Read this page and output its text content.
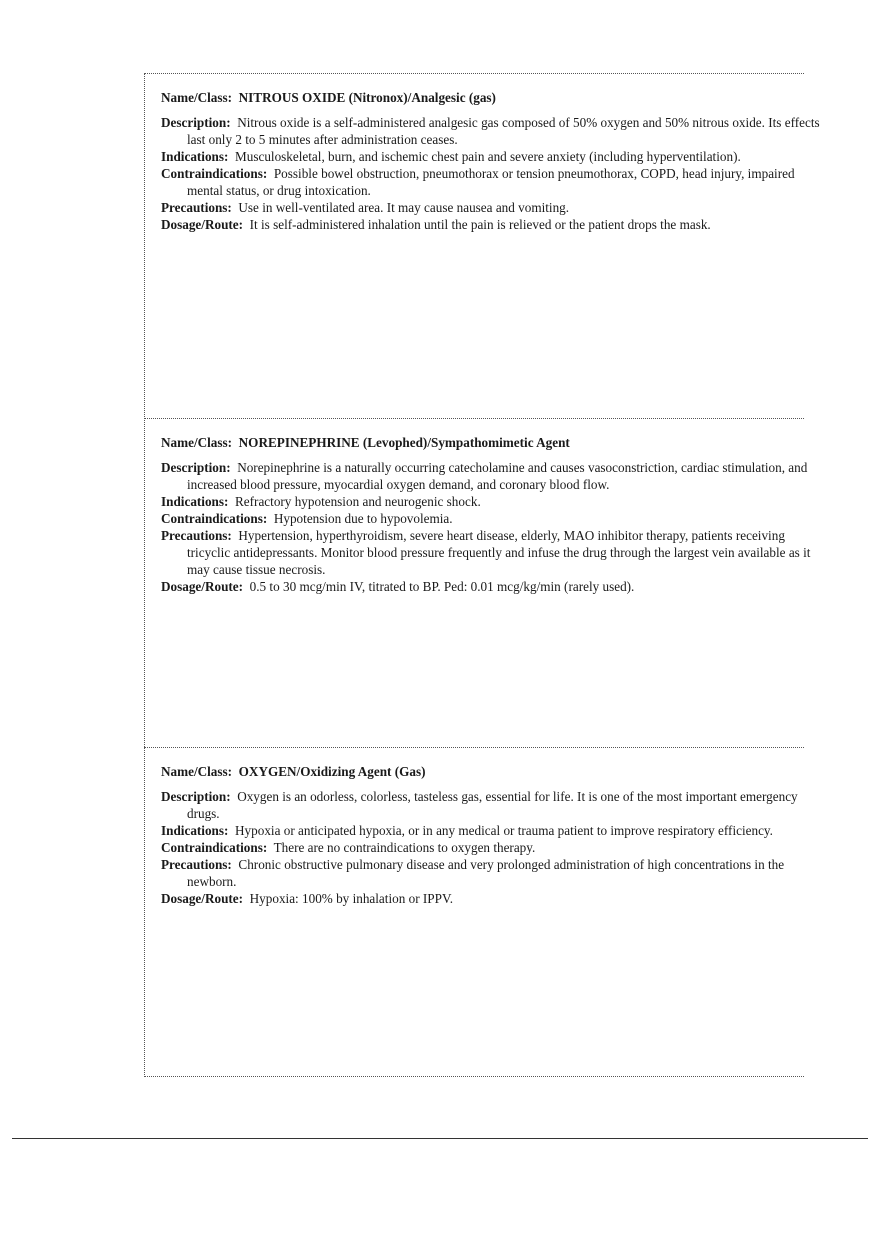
Name/Class: NITROUS OXIDE (Nitronox)/Analgesic (gas)

Description: Nitrous oxide is a self-administered analgesic gas composed of 50% oxygen and 50% nitrous oxide. Its effects last only 2 to 5 minutes after administration ceases.

Indications: Musculoskeletal, burn, and ischemic chest pain and severe anxiety (including hyperventilation).

Contraindications: Possible bowel obstruction, pneumothorax or tension pneumothorax, COPD, head injury, impaired mental status, or drug intoxication.

Precautions: Use in well-ventilated area. It may cause nausea and vomiting.

Dosage/Route: It is self-administered inhalation until the pain is relieved or the patient drops the mask.

Name/Class: NOREPINEPHRINE (Levophed)/Sympathomimetic Agent

Description: Norepinephrine is a naturally occurring catecholamine and causes vasoconstriction, cardiac stimulation, and increased blood pressure, myocardial oxygen demand, and coronary blood flow.

Indications: Refractory hypotension and neurogenic shock.

Contraindications: Hypotension due to hypovolemia.

Precautions: Hypertension, hyperthyroidism, severe heart disease, elderly, MAO inhibitor therapy, patients receiving tricyclic antidepressants. Monitor blood pressure frequently and infuse the drug through the largest vein available as it may cause tissue necrosis.

Dosage/Route: 0.5 to 30 mcg/min IV, titrated to BP. Ped: 0.01 mcg/kg/min (rarely used).

Name/Class: OXYGEN/Oxidizing Agent (Gas)

Description: Oxygen is an odorless, colorless, tasteless gas, essential for life. It is one of the most important emergency drugs.

Indications: Hypoxia or anticipated hypoxia, or in any medical or trauma patient to improve respiratory efficiency.

Contraindications: There are no contraindications to oxygen therapy.

Precautions: Chronic obstructive pulmonary disease and very prolonged administration of high concentrations in the newborn.

Dosage/Route: Hypoxia: 100% by inhalation or IPPV.
